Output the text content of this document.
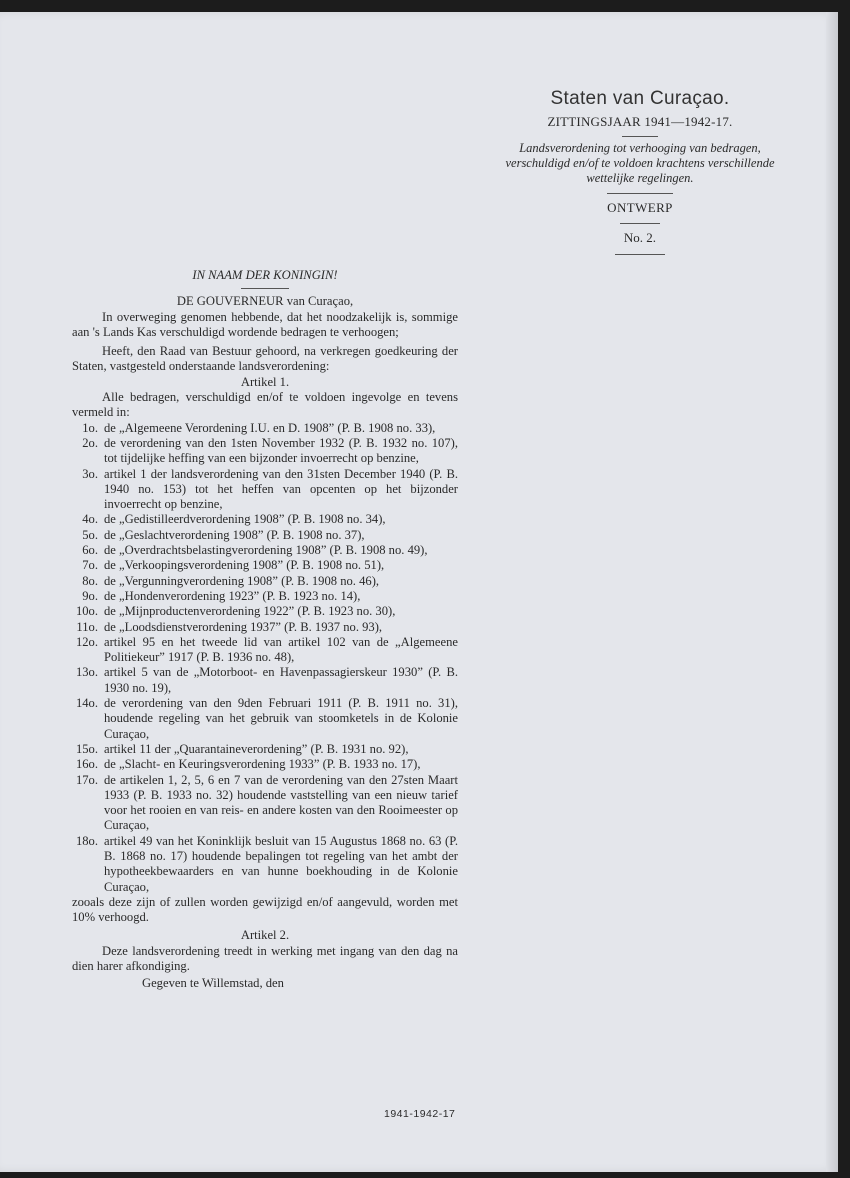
Staten van Curaçao.
ZITTINGSJAAR 1941—1942-17.
Landsverordening tot verhooging van bedragen, verschuldigd en/of te voldoen krachtens verschillende wettelijke regelingen.
ONTWERP
No. 2.
IN NAAM DER KONINGIN!
DE GOUVERNEUR van Curaçao,

In overweging genomen hebbende, dat het noodzakelijk is, sommige aan 's Lands Kas verschuldigd wordende bedragen te verhoogen;

Heeft, den Raad van Bestuur gehoord, na verkregen goedkeuring der Staten, vastgesteld onderstaande landsverordening:

Artikel 1.

Alle bedragen, verschuldigd en/of te voldoen ingevolge en tevens vermeld in:

1o. de „Algemeene Verordening I.U. en D. 1908” (P. B. 1908 no. 33),
2o. de verordening van den 1sten November 1932 (P. B. 1932 no. 107), tot tijdelijke heffing van een bijzonder invoerrecht op benzine,
3o. artikel 1 der landsverordening van den 31sten December 1940 (P. B. 1940 no. 153) tot het heffen van opcenten op het bijzonder invoerrecht op benzine,
4o. de „Gedistilleerdverordening 1908” (P. B. 1908 no. 34),
5o. de „Geslachtverordening 1908” (P. B. 1908 no. 37),
6o. de „Overdrachtsbelastingverordening 1908” (P. B. 1908 no. 49),
7o. de „Verkoopingsverordening 1908” (P. B. 1908 no. 51),
8o. de „Vergunningverordening 1908” (P. B. 1908 no. 46),
9o. de „Hondenverordening 1923” (P. B. 1923 no. 14),
10o. de „Mijnproductenverordening 1922” (P. B. 1923 no. 30),
11o. de „Loodsdienstverordening 1937” (P. B. 1937 no. 93),
12o. artikel 95 en het tweede lid van artikel 102 van de „Algemeene Politiekeur” 1917 (P. B. 1936 no. 48),
13o. artikel 5 van de „Motorboot- en Havenpassagierskeur 1930” (P. B. 1930 no. 19),
14o. de verordening van den 9den Februari 1911 (P. B. 1911 no. 31), houdende regeling van het gebruik van stoomketels in de Kolonie Curaçao,
15o. artikel 11 der „Quarantaineverordening” (P. B. 1931 no. 92),
16o. de „Slacht- en Keuringsverordening 1933” (P. B. 1933 no. 17),
17o. de artikelen 1, 2, 5, 6 en 7 van de verordening van den 27sten Maart 1933 (P. B. 1933 no. 32) houdende vaststelling van een nieuw tarief voor het rooien en van reis- en andere kosten van den Rooimeester op Curaçao,
18o. artikel 49 van het Koninklijk besluit van 15 Augustus 1868 no. 63 (P. B. 1868 no. 17) houdende bepalingen tot regeling van het ambt der hypotheekbewaarders en van hunne boekhouding in de Kolonie Curaçao,

zooals deze zijn of zullen worden gewijzigd en/of aangevuld, worden met 10% verhoogd.

Artikel 2.

Deze landsverordening treedt in werking met ingang van den dag na dien harer afkondiging.

Gegeven te Willemstad, den

1941-1942-17
